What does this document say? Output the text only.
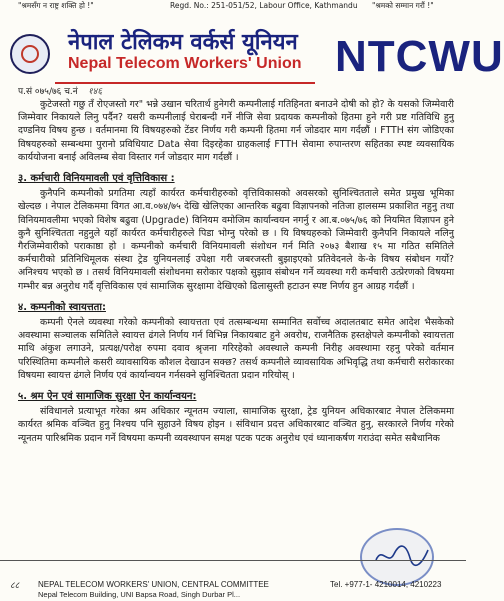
"श्रमसँग न राष्ट्र शक्ति हो !"	Regd. No.: 251-051/52, Labour Office, Kathmandu "श्रमको सम्मान गरौं !"
नेपाल टेलिकम वर्कर्स यूनियन
Nepal Telecom Workers' Union NTCWU
१४६
प.सं ०७५/७६ च.नं

कुटेजस्तो गछु तँ रोएजस्तो गर" भन्ने उखान चरितार्थ हुनेगरी कम्पनीलाई गतिहिनता बनाउने दोषी को हो? के यसको जिम्मेवारी जिम्मेवार निकायले लिनु पर्दैन? यसरी कम्पनीलाई घेराबन्दी गर्ने नीजि सेवा प्रदायक कम्पनीको हितमा हुने गरी प्रष्ट गतिविधि हुनु दण्डनिय विषय हुन्छ । वर्तमानमा यि विषयहरुको टेंडर निर्णय गरी कम्पनी हितमा गर्न जोडदार माग गर्दछौं । FTTH संग जोडिएका विषयहरुको सम्बन्धमा पुरानो प्रविधियाट Data सेवा दिइरहेका ग्राहकलाई FTTH सेवामा रुपान्तरण सहितका स्पष्ट व्यवसायिक कार्ययोजना बनाई अविलम्ब सेवा विस्तार गर्न जोडदार माग गर्दछौं ।

३. कर्मचारी विनियमावली एवं वृत्तिविकास :

कुनैपनि कम्पनीको प्रगतिमा त्यहाँ कार्यरत कर्मचारीहरुको वृत्तिविकासको अवसरको सुनिश्चितताले समेत प्रमुख भूमिका खेल्दछ । नेपाल टेलिकममा विगत आ.व.०७४/७५ देखि खेलिएका आन्तरिक बढुवा विज्ञापनको नतिजा हालसम्म प्रकाशित नहुनु तथा विनियमावलीमा भएको विशेष बढुवा (Upgrade) विनियम वमोजिम कार्यान्वयन नगर्नु र आ.ब.०७५/७६ को नियमित विज्ञापन हुने कुनै सुनिश्चितता नहुनुले यहाँ कार्यरत कर्मचारीहरुले पिडा भोग्नु परेको छ । यि विषयहरुको जिम्मेवारी कुनैपनि निकायले नलिनु गैरजिम्मेवारीको पराकाष्ठा हो । कम्पनीको कर्मचारी विनियमावली संशोधन गर्न मिति २०७३ बैशाख १५ मा गठित समितिले कर्मचारीको प्रतिनिधिमूलक संस्था ट्रेड युनियनलाई उपेक्षा गरी जबरजस्ती बुझाइएको प्रतिवेदनले के-के विषय संबोधन गर्यो? अनिश्चय भएको छ । तसर्थ विनियमावली संशोधनमा सरोकार पक्षको सुझाव संबोधन गर्ने व्यवस्था गरी कर्मचारी उत्प्रेरणको विषयमा गम्भीर बन्न अनुरोध गर्दै वृत्तिविकास एवं सामाजिक सुरक्षामा देखिएको ढिलासुस्ती हटाउन स्पष्ट निर्णय हुन आग्रह गर्दछौं ।

४. कम्पनीको स्वायत्तता:

कम्पनी ऐनले व्यवस्था गरेको कम्पनीको स्वायत्तता एवं तत्सम्बन्धमा सम्मानित सर्वोच्च अदालतबाट समेत आदेश भैसकेको अवस्थामा सञ्चालक समितिले स्वायत्त ढंगले निर्णय गर्न विभिन्न निकायबाट हुने अवरोध, राजनैतिक हस्तक्षेपले कम्पनीको स्वायत्तता माथि अंकुश लगाउने, प्रत्यक्ष/परोक्ष रुपमा दवाव श्रृजना गरिरहेको अवस्थाले कम्पनी निरीह अवस्थामा रहनु परेको वर्तमान परिस्थितिमा कम्पनीले कसरी व्यावसायिक कौशल देखाउन सक्छ? तसर्थ कम्पनीले व्यावसायिक अभिवृद्धि तथा कर्मचारी सरोकारका विषयमा स्वायत्त ढंगले निर्णय एवं कार्यान्वयन गर्नसक्ने सुनिश्चितता प्रदान गरियोस् ।

५. श्रम ऐन एवं सामाजिक सुरक्षा ऐन कार्यान्वयन:

संविधानले प्रत्याभूत गरेका श्रम अधिकार न्यूनतम ज्याला, सामाजिक सुरक्षा, ट्रेड युनियन अधिकारबाट नेपाल टेलिकममा कार्यरत श्रमिक वञ्चित हुनु निश्चय पनि सुहाउने विषय होइन । संविधान प्रदत्त अधिकारबाट वञ्चित हुनु, सरकारले निर्णय गरेको न्यूनतम पारिश्रमिक प्रदान गर्ने विषयमा कम्पनी व्यवस्थापन समक्ष पटक पटक अनुरोध एवं ध्यानाकर्षण गराउंदा समेत सबैधानिक

८८ NEPAL TELECOM WORKERS' UNION, CENTRAL COMMITTEE
Nepal Telecom Building, UNI Bapsa Road, Singh Durbar Pl...
Tel. +977-1- 4210014, 4210223
